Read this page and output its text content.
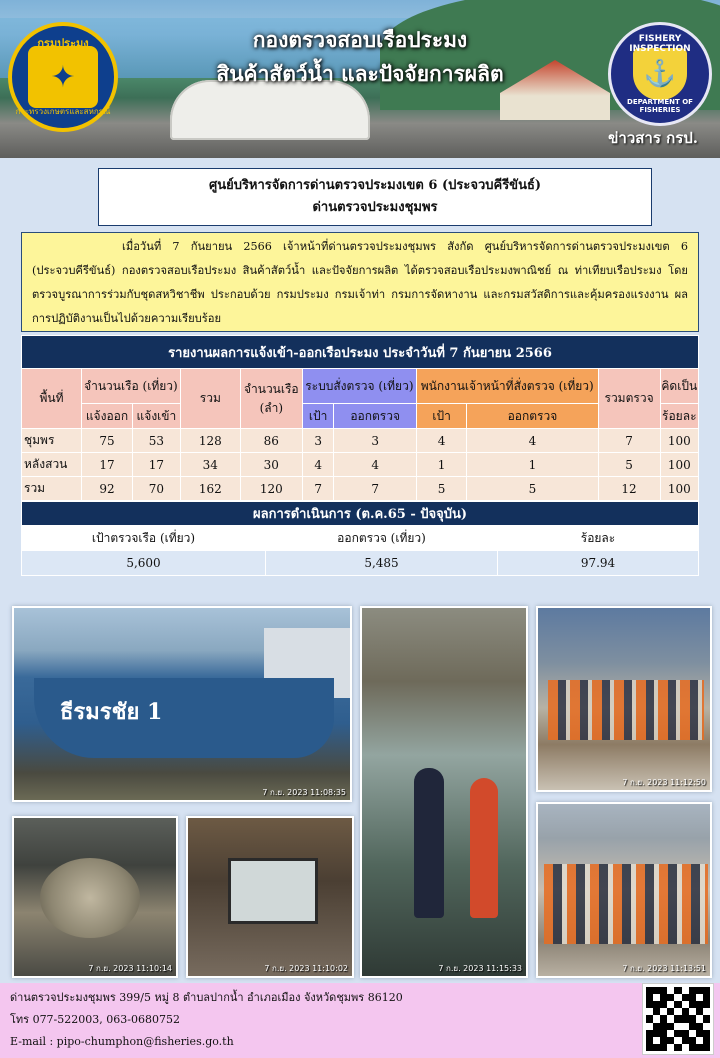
กรมประมง
✦
กระทรวงเกษตรและสหกรณ์
กองตรวจสอบเรือประมง
สินค้าสัตว์น้ำ และปัจจัยการผลิต
FISHERY INSPECTION
⚓
DEPARTMENT OF FISHERIES
ข่าวสาร กรป.
ศูนย์บริหารจัดการด่านตรวจประมงเขต 6 (ประจวบคีรีขันธ์)
ด่านตรวจประมงชุมพร
เมื่อวันที่ 7 กันยายน 2566 เจ้าหน้าที่ด่านตรวจประมงชุมพร สังกัด ศูนย์บริหารจัดการด่านตรวจประมงเขต 6 (ประจวบคีรีขันธ์) กองตรวจสอบเรือประมง สินค้าสัตว์น้ำ และปัจจัยการผลิต ได้ตรวจสอบเรือประมงพาณิชย์ ณ ท่าเทียบเรือประมง โดยตรวจบูรณาการร่วมกับชุดสหวิชาชีพ ประกอบด้วย กรมประมง กรมเจ้าท่า กรมการจัดหางาน และกรมสวัสดิการและคุ้มครองแรงงาน ผลการปฏิบัติงานเป็นไปด้วยความเรียบร้อย
รายงานผลการแจ้งเข้า-ออกเรือประมง ประจำวันที่ 7 กันยายน 2566										
พื้นที่	จำนวนเรือ (เที่ยว)		รวม	จำนวนเรือ (ลำ)	ระบบสั่งตรวจ (เที่ยว)		พนักงานเจ้าหน้าที่สั่งตรวจ (เที่ยว)		รวมตรวจ	คิดเป็น
	แจ้งออก	แจ้งเข้า			เป้า	ออกตรวจ	เป้า	ออกตรวจ		ร้อยละ
ชุมพร	75	53	128	86	3	3	4	4	7	100
หลังสวน	17	17	34	30	4	4	1	1	5	100
รวม	92	70	162	120	7	7	5	5	12	100
ผลการดำเนินการ (ต.ค.65 - ปัจจุบัน)		
เป้าตรวจเรือ (เที่ยว)	ออกตรวจ (เที่ยว)	ร้อยละ
5,600	5,485	97.94
ธีรมรชัย 1
7 ก.ย. 2023 11:08:35
7 ก.ย. 2023 11:15:33
7 ก.ย. 2023 11:12:50
7 ก.ย. 2023 11:10:14	7 ก.ย. 2023 11:10:02	7 ก.ย. 2023 11:13:51
ด่านตรวจประมงชุมพร 399/5 หมู่ 8 ตำบลปากน้ำ อำเภอเมือง จังหวัดชุมพร 86120
โทร 077-522003, 063-0680752
E-mail : pipo-chumphon@fisheries.go.th
